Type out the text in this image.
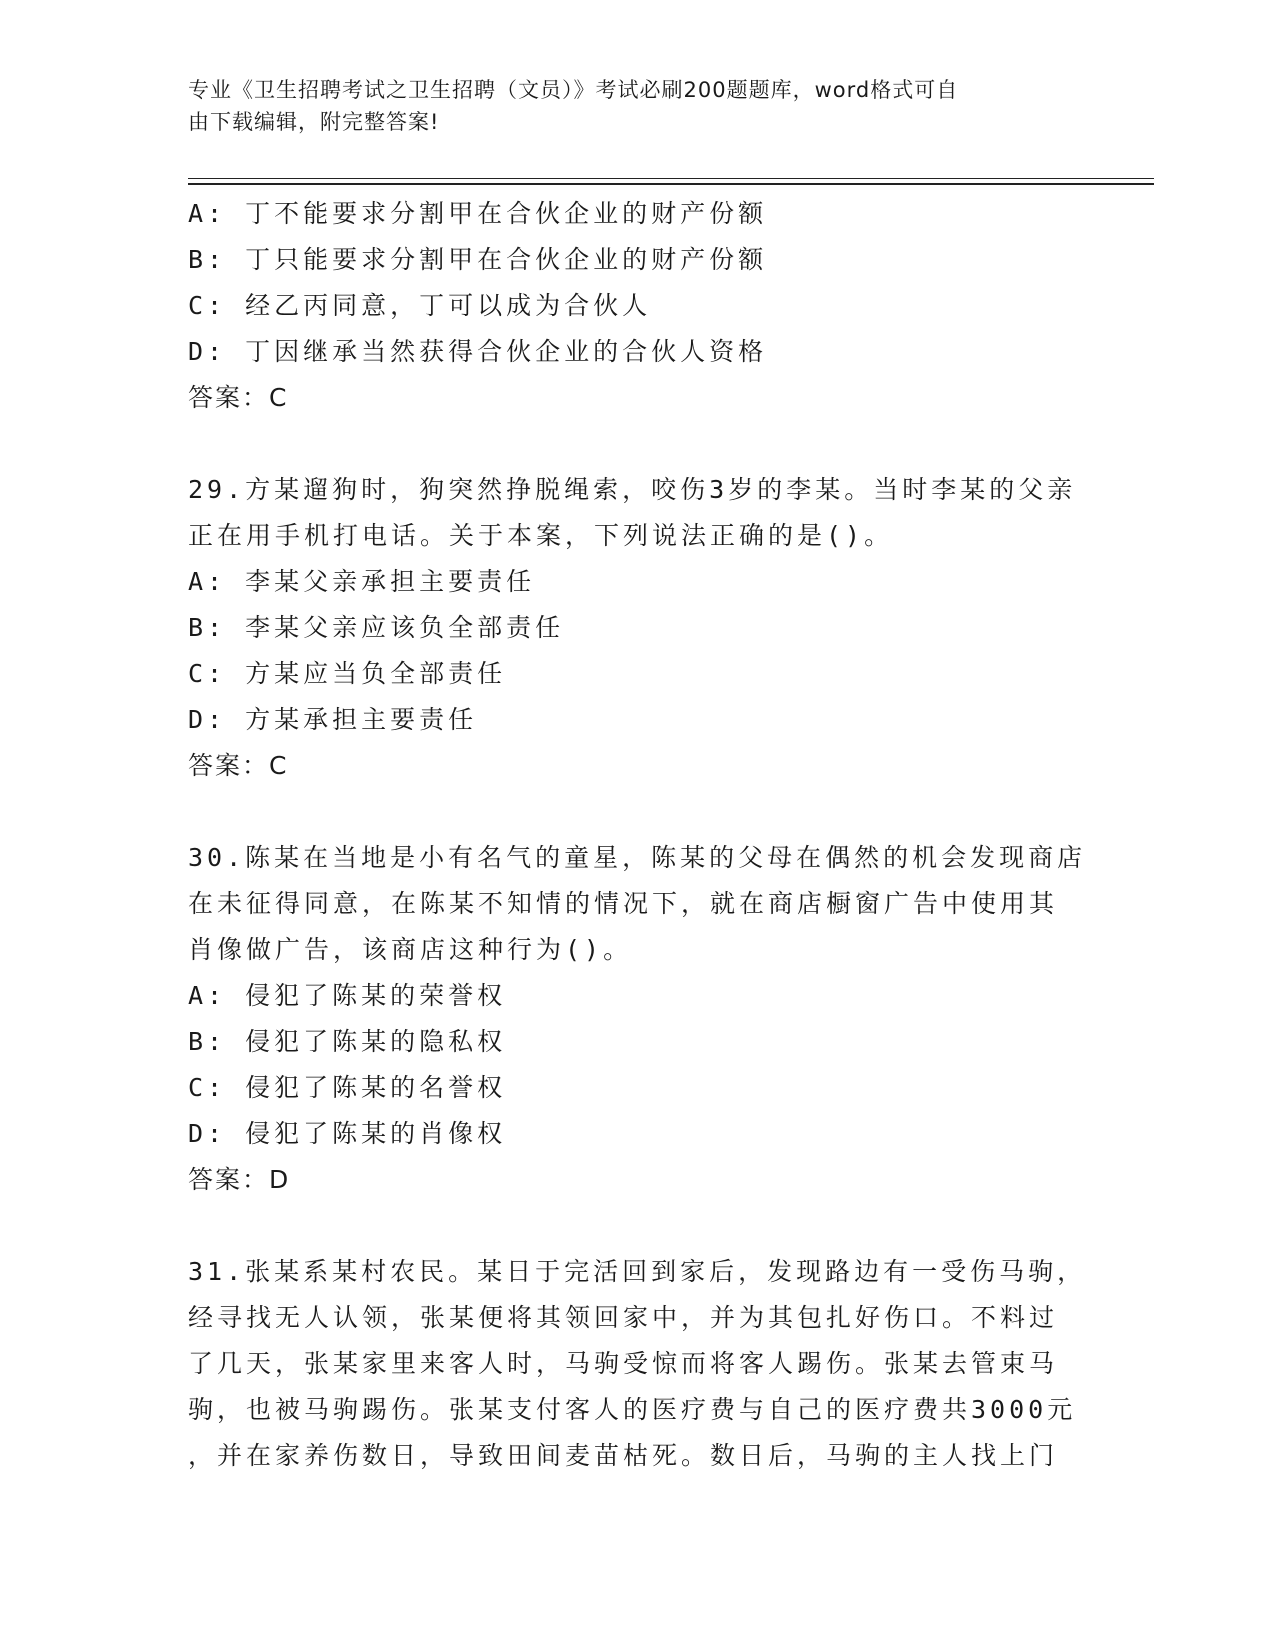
专业《卫生招聘考试之卫生招聘（文员）》考试必刷200题题库，word格式可自
由下载编辑，附完整答案!
A: 丁不能要求分割甲在合伙企业的财产份额
B: 丁只能要求分割甲在合伙企业的财产份额
C: 经乙丙同意，丁可以成为合伙人
D: 丁因继承当然获得合伙企业的合伙人资格
答案：C
29.方某遛狗时，狗突然挣脱绳索，咬伤3岁的李某。当时李某的父亲
正在用手机打电话。关于本案，下列说法正确的是()。
A: 李某父亲承担主要责任
B: 李某父亲应该负全部责任
C: 方某应当负全部责任
D: 方某承担主要责任
答案：C
30.陈某在当地是小有名气的童星，陈某的父母在偶然的机会发现商店
在未征得同意，在陈某不知情的情况下，就在商店橱窗广告中使用其
肖像做广告，该商店这种行为()。
A: 侵犯了陈某的荣誉权
B: 侵犯了陈某的隐私权
C: 侵犯了陈某的名誉权
D: 侵犯了陈某的肖像权
答案：D
31.张某系某村农民。某日于完活回到家后，发现路边有一受伤马驹，
经寻找无人认领，张某便将其领回家中，并为其包扎好伤口。不料过
了几天，张某家里来客人时，马驹受惊而将客人踢伤。张某去管束马
驹，也被马驹踢伤。张某支付客人的医疗费与自己的医疗费共3000元
，并在家养伤数日，导致田间麦苗枯死。数日后，马驹的主人找上门
